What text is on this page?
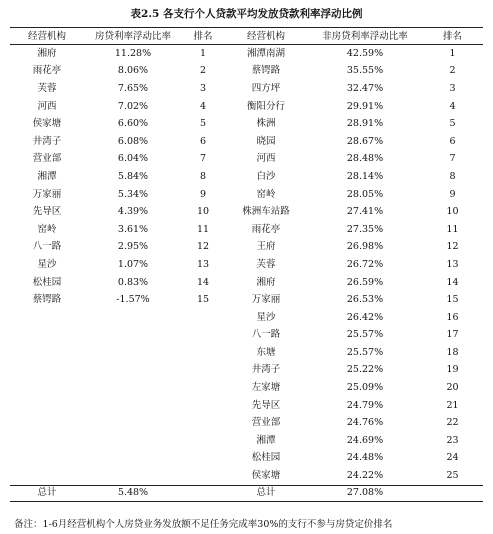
表2.5 各支行个人贷款平均发放贷款利率浮动比例
经营机构	房贷利率浮动比率	排名	经营机构	非房贷利率浮动比率	排名
湘府	11.28%	1	湘潭南湖	42.59%	1
雨花亭	8.06%	2	蔡锷路	35.55%	2
芙蓉	7.65%	3	四方坪	32.47%	3
河西	7.02%	4	衡阳分行	29.91%	4
侯家塘	6.60%	5	株洲	28.91%	5
井湾子	6.08%	6	晓园	28.67%	6
营业部	6.04%	7	河西	28.48%	7
湘潭	5.84%	8	白沙	28.14%	8
万家丽	5.34%	9	窑岭	28.05%	9
先导区	4.39%	10	株洲车站路	27.41%	10
窑岭	3.61%	11	雨花亭	27.35%	11
八一路	2.95%	12	王府	26.98%	12
星沙	1.07%	13	芙蓉	26.72%	13
松桂园	0.83%	14	湘府	26.59%	14
蔡锷路	-1.57%	15	万家丽	26.53%	15
			星沙	26.42%	16
			八一路	25.57%	17
			东塘	25.57%	18
			井湾子	25.22%	19
			左家塘	25.09%	20
			先导区	24.79%	21
			营业部	24.76%	22
			湘潭	24.69%	23
			松桂园	24.48%	24
			侯家塘	24.22%	25

总计	5.48%		总计	27.08%	
备注：1-6月经营机构个人房贷业务发放额不足任务完成率30%的支行不参与房贷定价排名
